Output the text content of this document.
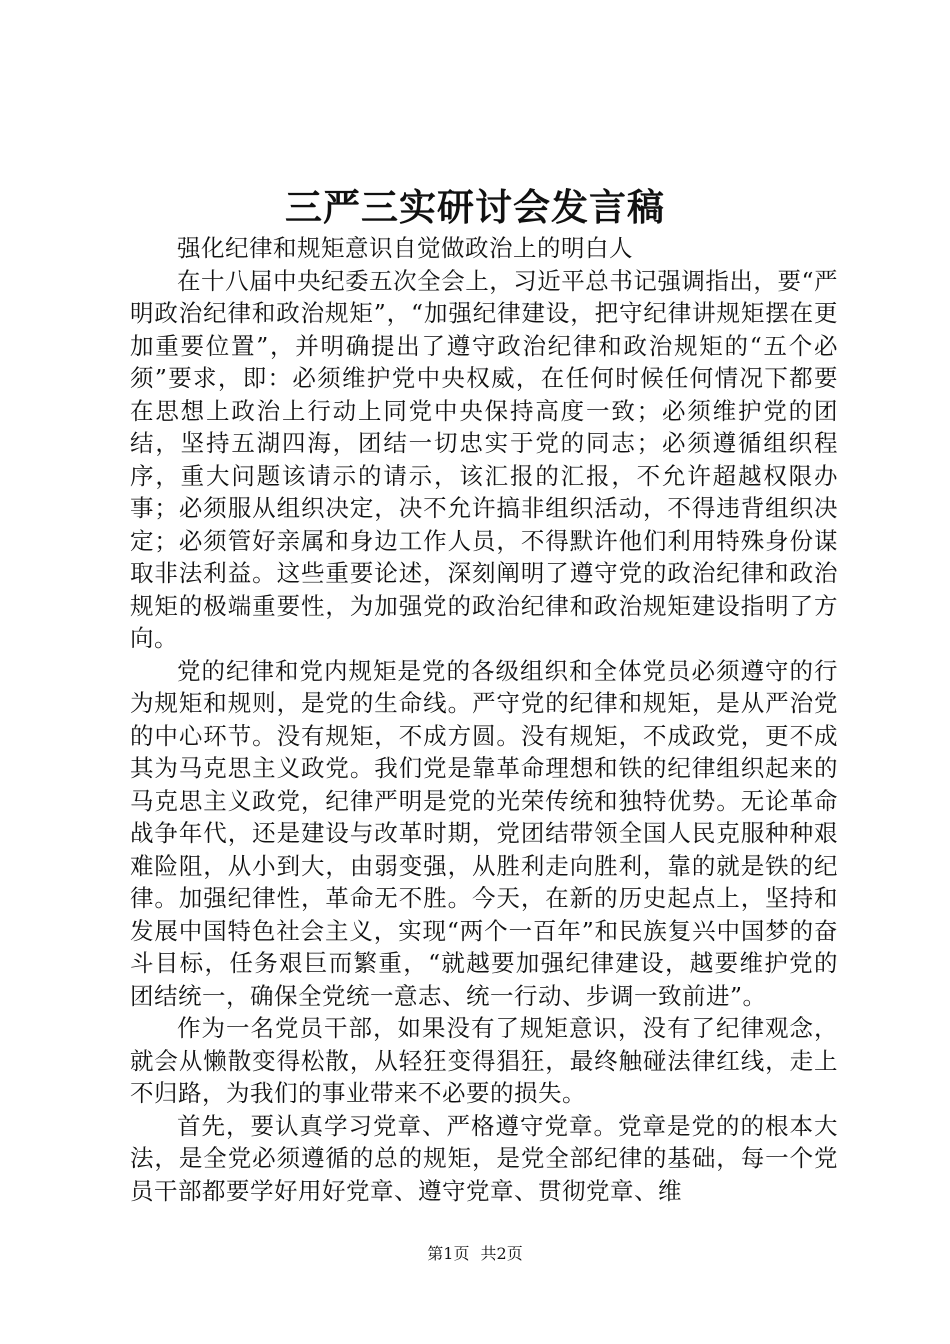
三严三实研讨会发言稿

强化纪律和规矩意识自觉做政治上的明白人

在十八届中央纪委五次全会上，习近平总书记强调指出，要“严明政治纪律和政治规矩”，“加强纪律建设，把守纪律讲规矩摆在更加重要位置”，并明确提出了遵守政治纪律和政治规矩的“五个必须”要求，即：必须维护党中央权威，在任何时候任何情况下都要在思想上政治上行动上同党中央保持高度一致；必须维护党的团结，坚持五湖四海，团结一切忠实于党的同志；必须遵循组织程序，重大问题该请示的请示，该汇报的汇报，不允许超越权限办事；必须服从组织决定，决不允许搞非组织活动，不得违背组织决定；必须管好亲属和身边工作人员，不得默许他们利用特殊身份谋取非法利益。这些重要论述，深刻阐明了遵守党的政治纪律和政治规矩的极端重要性，为加强党的政治纪律和政治规矩建设指明了方向。

党的纪律和党内规矩是党的各级组织和全体党员必须遵守的行为规矩和规则，是党的生命线。严守党的纪律和规矩，是从严治党的中心环节。没有规矩，不成方圆。没有规矩，不成政党，更不成其为马克思主义政党。我们党是靠革命理想和铁的纪律组织起来的马克思主义政党，纪律严明是党的光荣传统和独特优势。无论革命战争年代，还是建设与改革时期，党团结带领全国人民克服种种艰难险阻，从小到大，由弱变强，从胜利走向胜利，靠的就是铁的纪律。加强纪律性，革命无不胜。今天，在新的历史起点上，坚持和发展中国特色社会主义，实现“两个一百年”和民族复兴中国梦的奋斗目标，任务艰巨而繁重，“就越要加强纪律建设，越要维护党的团结统一，确保全党统一意志、统一行动、步调一致前进”。

作为一名党员干部，如果没有了规矩意识，没有了纪律观念，就会从懒散变得松散，从轻狂变得猖狂，最终触碰法律红线，走上不归路，为我们的事业带来不必要的损失。

首先，要认真学习党章、严格遵守党章。党章是党的的根本大法，是全党必须遵循的总的规矩，是党全部纪律的基础，每一个党员干部都要学好用好党章、遵守党章、贯彻党章、维

第1页 共2页
